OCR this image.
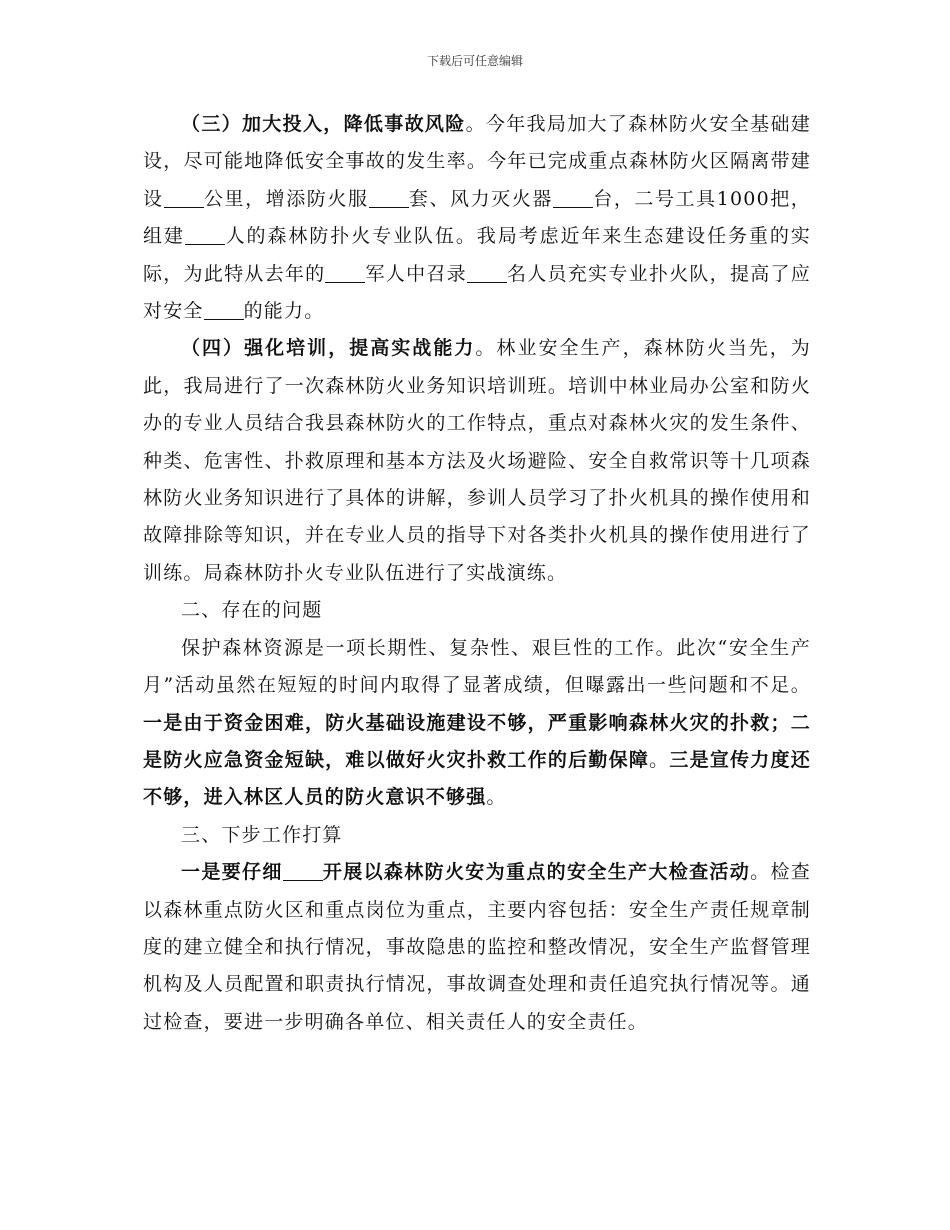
下载后可任意编辑

（三）加大投入，降低事故风险。今年我局加大了森林防火安全基础建设，尽可能地降低安全事故的发生率。今年已完成重点森林防火区隔离带建设 公里，增添防火服 套、风力灭火器 台，二号工具1000把，组建 人的森林防扑火专业队伍。我局考虑近年来生态建设任务重的实际，为此特从去年的 军人中召录 名人员充实专业扑火队，提高了应对安全 的能力。

（四）强化培训，提高实战能力。林业安全生产，森林防火当先，为此，我局进行了一次森林防火业务知识培训班。培训中林业局办公室和防火办的专业人员结合我县森林防火的工作特点，重点对森林火灾的发生条件、种类、危害性、扑救原理和基本方法及火场避险、安全自救常识等十几项森林防火业务知识进行了具体的讲解，参训人员学习了扑火机具的操作使用和故障排除等知识，并在专业人员的指导下对各类扑火机具的操作使用进行了训练。局森林防扑火专业队伍进行了实战演练。

二、存在的问题

保护森林资源是一项长期性、复杂性、艰巨性的工作。此次“安全生产月”活动虽然在短短的时间内取得了显著成绩，但曝露出一些问题和不足。一是由于资金困难，防火基础设施建设不够，严重影响森林火灾的扑救；二是防火应急资金短缺，难以做好火灾扑救工作的后勤保障。三是宣传力度还不够，进入林区人员的防火意识不够强。

三、下步工作打算

一是要仔细 开展以森林防火安为重点的安全生产大检查活动。检查以森林重点防火区和重点岗位为重点，主要内容包括：安全生产责任规章制度的建立健全和执行情况，事故隐患的监控和整改情况，安全生产监督管理机构及人员配置和职责执行情况，事故调查处理和责任追究执行情况等。通过检查，要进一步明确各单位、相关责任人的安全责任。
